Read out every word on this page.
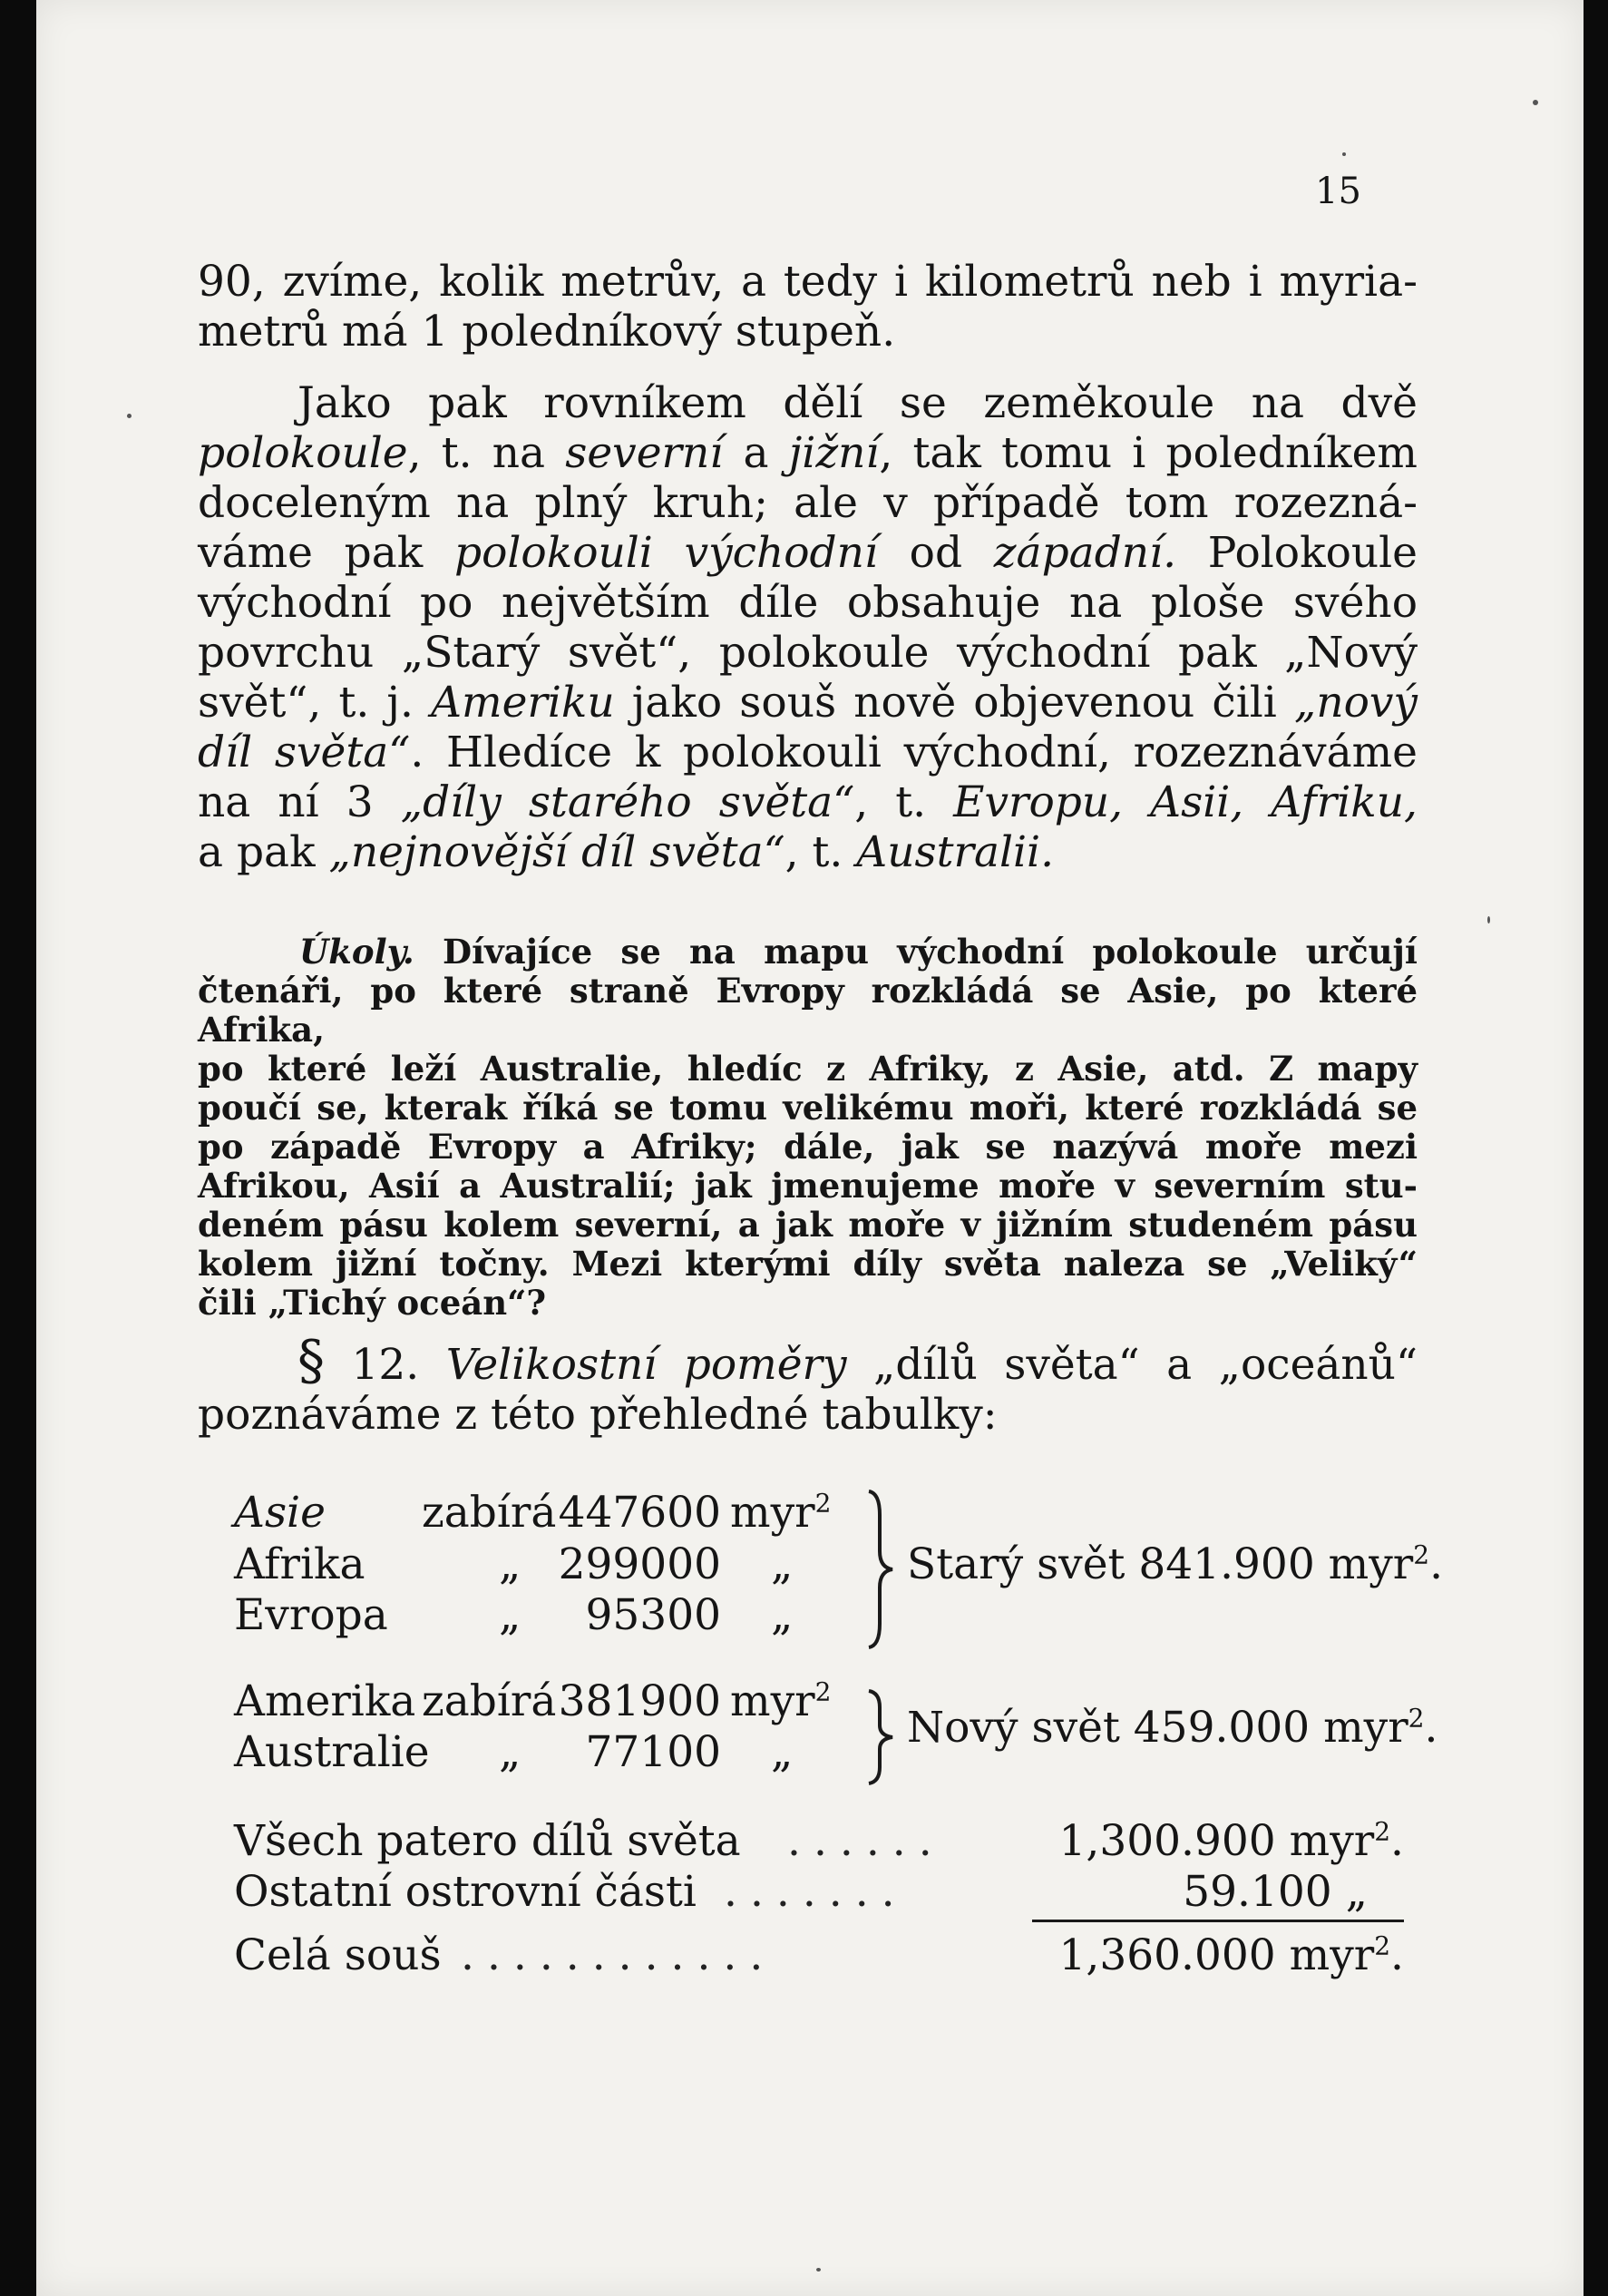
15
90, zvíme, kolik metrův, a tedy i kilometrů neb i myria-
metrů má 1 poledníkový stupeň.
Jako pak rovníkem dělí se zeměkoule na dvě
polokoule, t. na severní a jižní, tak tomu i poledníkem
doceleným na plný kruh; ale v případě tom rozezná-
váme pak polokouli východní od západní. Polokoule
východní po největším díle obsahuje na ploše svého
povrchu „Starý svět“, polokoule východní pak „Nový
svět“, t. j. Ameriku jako souš nově objevenou čili „nový
díl světa“. Hledíce k polokouli východní, rozeznáváme
na ní 3 „díly starého světa“, t. Evropu, Asii, Afriku,
a pak „nejnovější díl světa“, t. Australii.
Úkoly. Dívajíce se na mapu východní polokoule určují
čtenáři, po které straně Evropy rozkládá se Asie, po které Afrika,
po které leží Australie, hledíc z Afriky, z Asie, atd. Z mapy
poučí se, kterak říká se tomu velikému moři, které rozkládá se
po západě Evropy a Afriky; dále, jak se nazývá moře mezi
Afrikou, Asií a Australií; jak jmenujeme moře v severním stu-
deném pásu kolem severní, a jak moře v jižním studeném pásu
kolem jižní točny. Mezi kterými díly světa naleza se „Veliký“
čili „Tichý oceán“?
§ 12. Velikostní poměry „dílů světa“ a „oceánů“
poznáváme z této přehledné tabulky:
Asie zabírá 447600 myr$^2$
Afrika	„ 299000 „
Evropa	„	95300 „
Starý svět 841.900 myr$^2$.
Amerika zabírá 381900 myr$^2$
Australie „	77100 „	Nový svět 459.000 myr$^2$.
Všech patero dílů světa ......	1,300.900 myr$^2$.
Ostatní ostrovní části .......	59.100 „
Celá souš ............	1,360.000 myr$^2$.
